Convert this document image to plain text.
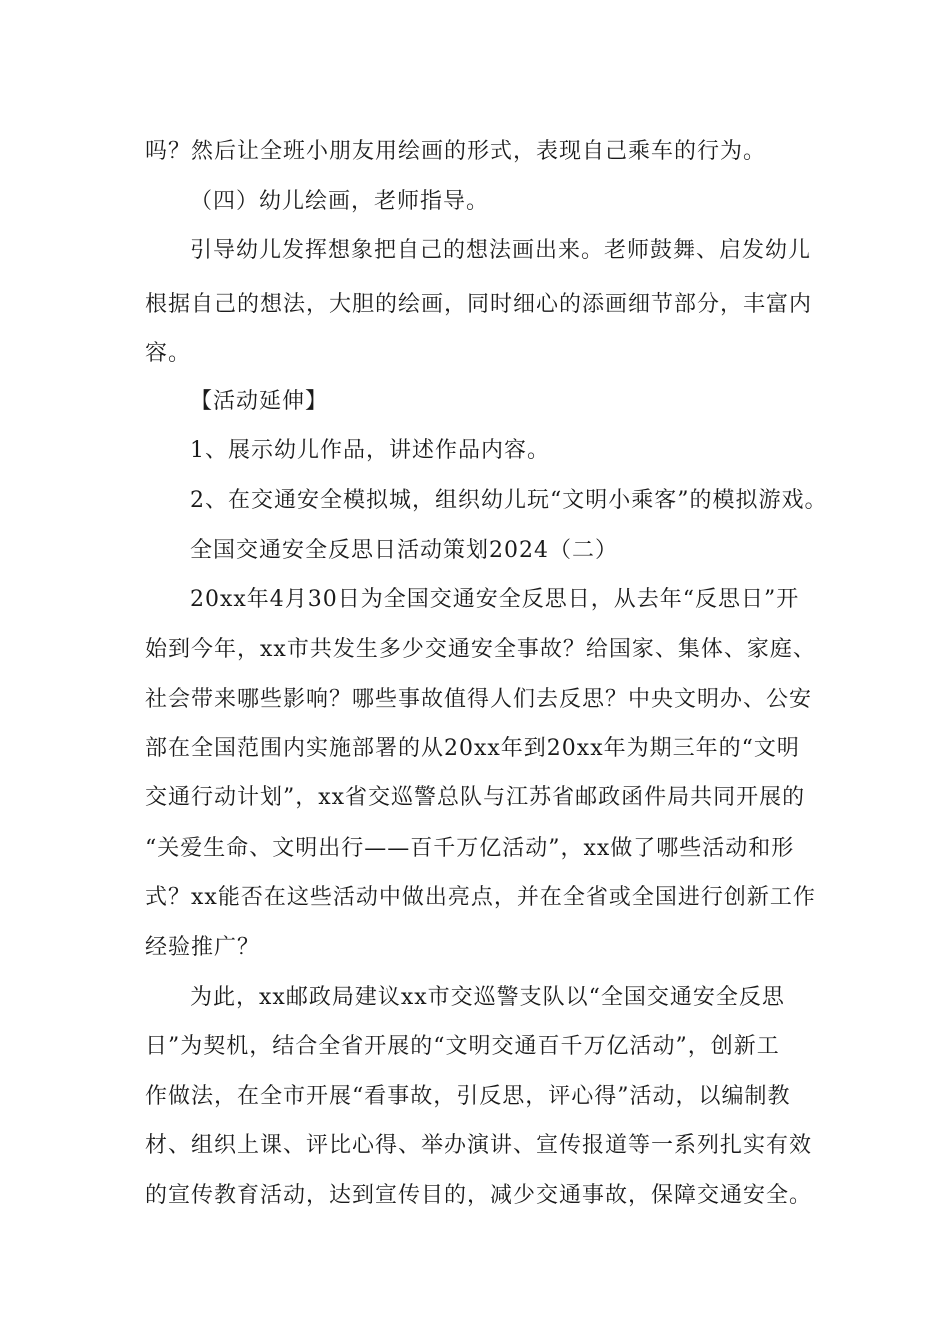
吗？然后让全班小朋友用绘画的形式，表现自己乘车的行为。
（四）幼儿绘画，老师指导。
引导幼儿发挥想象把自己的想法画出来。老师鼓舞、启发幼儿
根据自己的想法，大胆的绘画，同时细心的添画细节部分，丰富内
容。
【活动延伸】
1、展示幼儿作品，讲述作品内容。
2、在交通安全模拟城，组织幼儿玩“文明小乘客”的模拟游戏。
全国交通安全反思日活动策划2024（二）
20xx年4月30日为全国交通安全反思日，从去年“反思日”开
始到今年，xx市共发生多少交通安全事故？给国家、集体、家庭、
社会带来哪些影响？哪些事故值得人们去反思？中央文明办、公安
部在全国范围内实施部署的从20xx年到20xx年为期三年的“文明
交通行动计划”，xx省交巡警总队与江苏省邮政函件局共同开展的
“关爱生命、文明出行——百千万亿活动”，xx做了哪些活动和形
式？xx能否在这些活动中做出亮点，并在全省或全国进行创新工作
经验推广？
为此，xx邮政局建议xx市交巡警支队以“全国交通安全反思
日”为契机，结合全省开展的“文明交通百千万亿活动”，创新工
作做法，在全市开展“看事故，引反思，评心得”活动，以编制教
材、组织上课、评比心得、举办演讲、宣传报道等一系列扎实有效
的宣传教育活动，达到宣传目的，减少交通事故，保障交通安全。
